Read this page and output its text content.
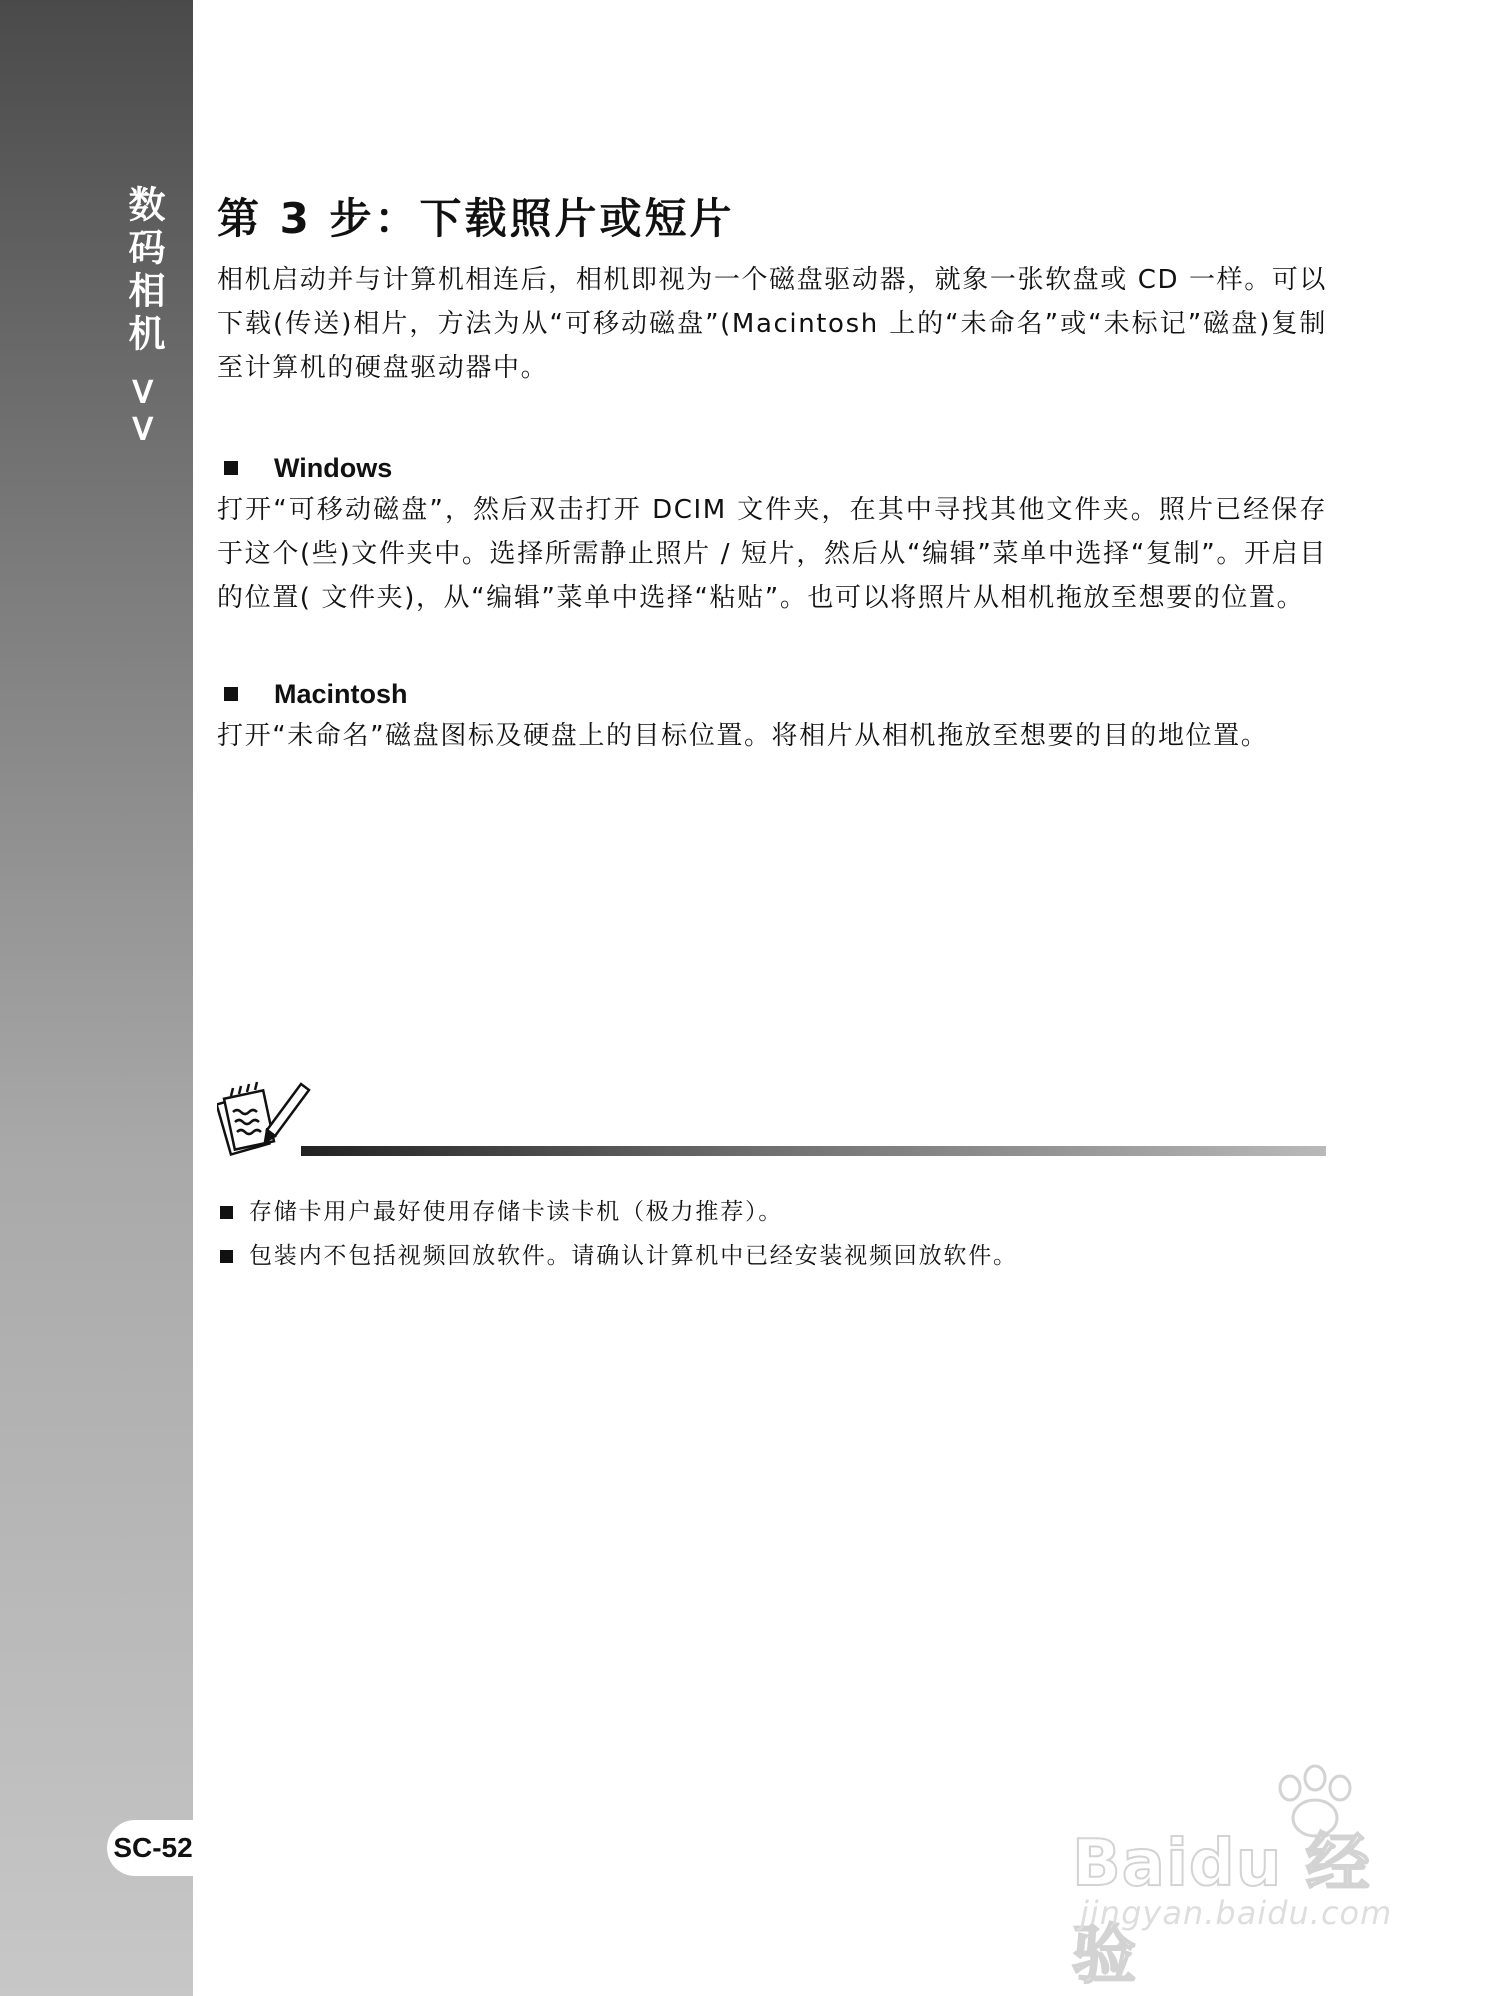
数码相机 >>
SC-52
第 3 步：下载照片或短片

相机启动并与计算机相连后，相机即视为一个磁盘驱动器，就象一张软盘或 CD 一样。可以下载(传送)相片，方法为从“可移动磁盘”(Macintosh 上的“未命名”或“未标记”磁盘)复制至计算机的硬盘驱动器中。

Windows

打开“可移动磁盘”，然后双击打开 DCIM 文件夹，在其中寻找其他文件夹。照片已经保存于这个(些)文件夹中。选择所需静止照片 / 短片，然后从“编辑”菜单中选择“复制”。开启目的位置( 文件夹)，从“编辑”菜单中选择“粘贴”。也可以将照片从相机拖放至想要的位置。

Macintosh

打开“未命名”磁盘图标及硬盘上的目标位置。将相片从相机拖放至想要的目的地位置。

存储卡用户最好使用存储卡读卡机（极力推荐）。
包装内不包括视频回放软件。请确认计算机中已经安装视频回放软件。
Baidu 经验
jingyan.baidu.com
